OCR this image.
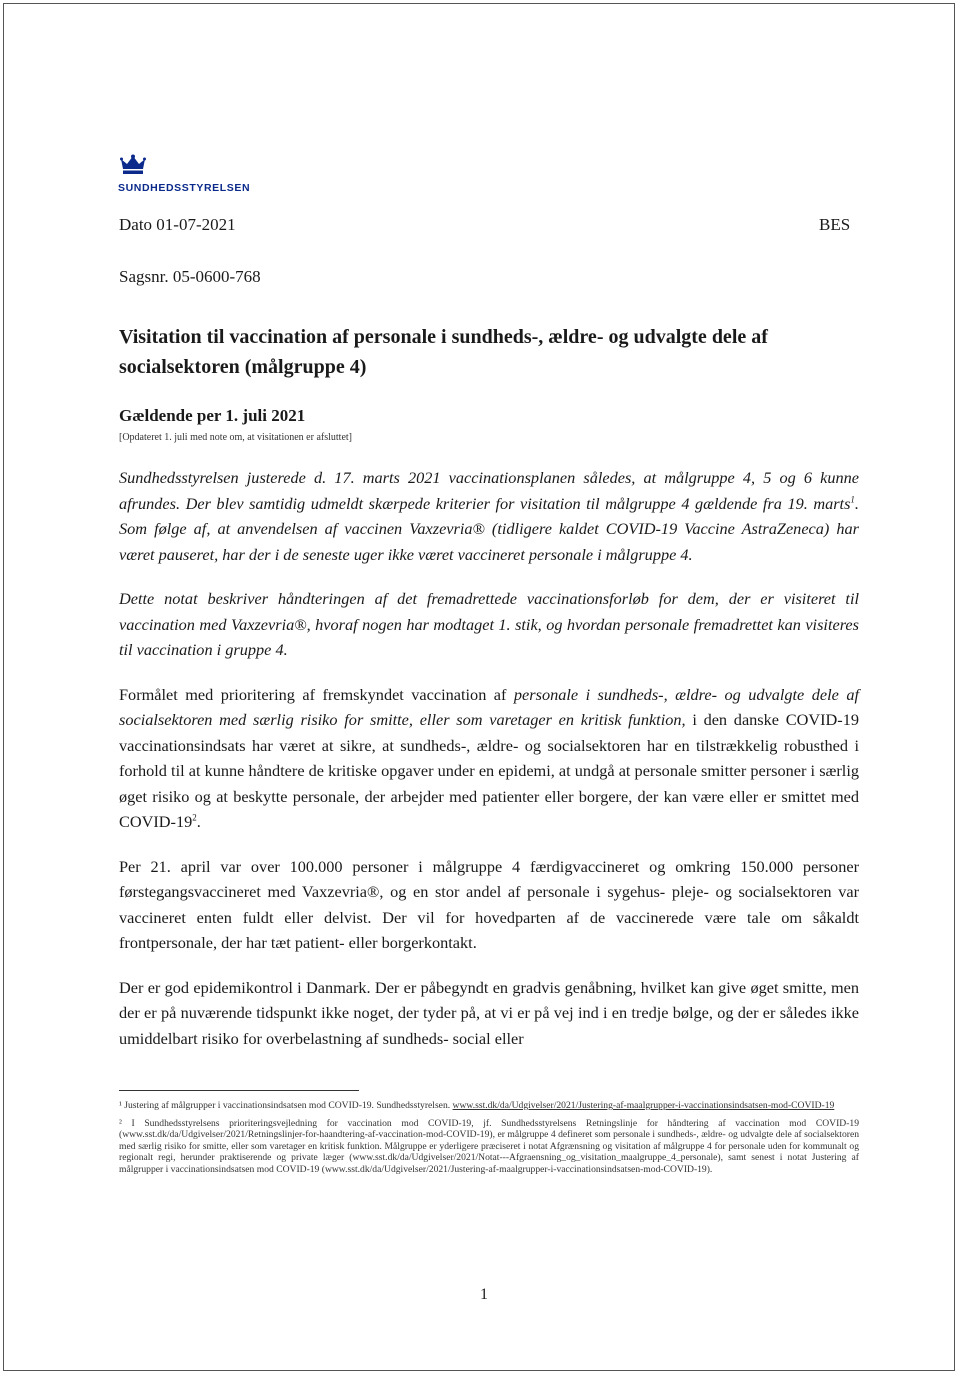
SUNDHEDSSTYRELSEN
Dato 01-07-2021	BES
Sagsnr. 05-0600-768
Visitation til vaccination af personale i sundheds-, ældre- og udvalgte dele af socialsektoren (målgruppe 4)
Gældende per 1. juli 2021
[Opdateret 1. juli med note om, at visitationen er afsluttet]

Sundhedsstyrelsen justerede d. 17. marts 2021 vaccinationsplanen således, at målgruppe 4, 5 og 6 kunne afrundes. Der blev samtidig udmeldt skærpede kriterier for visitation til målgruppe 4 gældende fra 19. marts$^1$. Som følge af, at anvendelsen af vaccinen Vaxzevria® (tidligere kaldet COVID-19 Vaccine AstraZeneca) har været pauseret, har der i de seneste uger ikke været vaccineret personale i målgruppe 4.

Dette notat beskriver håndteringen af det fremadrettede vaccinationsforløb for dem, der er visiteret til vaccination med Vaxzevria®, hvoraf nogen har modtaget 1. stik, og hvordan personale fremadrettet kan visiteres til vaccination i gruppe 4.

Formålet med prioritering af fremskyndet vaccination af personale i sundheds-, ældre- og udvalgte dele af socialsektoren med særlig risiko for smitte, eller som varetager en kritisk funktion, i den danske COVID-19 vaccinationsindsats har været at sikre, at sundheds-, ældre- og socialsektoren har en tilstrækkelig robusthed i forhold til at kunne håndtere de kritiske opgaver under en epidemi, at undgå at personale smitter personer i særlig øget risiko og at beskytte personale, der arbejder med patienter eller borgere, der kan være eller er smittet med COVID-$19^2$.

Per 21. april var over 100.000 personer i målgruppe 4 færdigvaccineret og omkring 150.000 personer førstegangsvaccineret med Vaxzevria®, og en stor andel af personale i sygehus- pleje- og socialsektoren var vaccineret enten fuldt eller delvist. Der vil for hovedparten af de vaccinerede være tale om såkaldt frontpersonale, der har tæt patient- eller borgerkontakt.

Der er god epidemikontrol i Danmark. Der er påbegyndt en gradvis genåbning, hvilket kan give øget smitte, men der er på nuværende tidspunkt ikke noget, der tyder på, at vi er på vej ind i en tredje bølge, og der er således ikke umiddelbart risiko for overbelastning af sundheds- social eller

¹ Justering af målgrupper i vaccinationsindsatsen mod COVID-19. Sundhedsstyrelsen. www.sst.dk/da/Udgivelser/2021/Justering-af-maalgrupper-i-vaccinationsindsatsen-mod-COVID-19

² I Sundhedsstyrelsens prioriteringsvejledning for vaccination mod COVID-19, jf. Sundhedsstyrelsens Retningslinje for håndtering af vaccination mod COVID-19 (www.sst.dk/da/Udgivelser/2021/Retningslinjer-for-haandtering-af-vaccination-mod-COVID-19), er målgruppe 4 defineret som personale i sundheds-, ældre- og udvalgte dele af socialsektoren med særlig risiko for smitte, eller som varetager en kritisk funktion. Målgruppe er yderligere præciseret i notat Afgrænsning og visitation af målgruppe 4 for personale uden for kommunalt og regionalt regi, herunder praktiserende og private læger (www.sst.dk/da/Udgivelser/2021/Notat---Afgraensning_og_visitation_maalgruppe_4_personale), samt senest i notat Justering af målgrupper i vaccinationsindsatsen mod COVID-19 (www.sst.dk/da/Udgivelser/2021/Justering-af-maalgrupper-i-vaccinationsindsatsen-mod-COVID-19).

1
